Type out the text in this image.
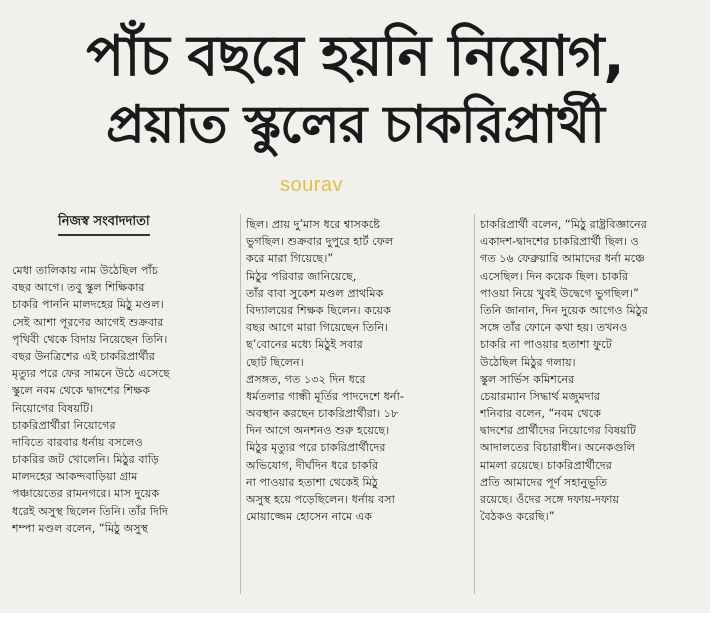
পাঁচ বছরে হয়নি নিয়োগ,
প্রয়াত স্কুলের চাকরিপ্রার্থী
sourav
নিজস্ব সংবাদদাতা
মেধা তালিকায় নাম উঠেছিল পাঁচ
বছর আগে। তবু স্কুল শিক্ষিকার
চাকরি পাননি মালদহের মিঠু মণ্ডল।
সেই আশা পূরণের আগেই শুক্রবার
পৃথিবী থেকে বিদায় নিয়েছেন তিনি।
বছর উনত্রিশের এই চাকরিপ্রার্থীর
মৃত্যুর পরে ফের সামনে উঠে এসেছে
স্কুলে নবম থেকে দ্বাদশের শিক্ষক
নিয়োগের বিষয়টি।
চাকরিপ্রার্থীরা নিয়োগের
দাবিতে বারবার ধর্নায় বসলেও
চাকরির জট খোলেনি। মিঠুর বাড়ি
মালদহের আকন্দবাড়িয়া গ্রাম
পঞ্চায়েতের রামনগরে। মাস দুয়েক
ধরেই অসুস্থ ছিলেন তিনি। তাঁর দিদি
শম্পা মণ্ডল বলেন, “মিঠু অসুস্থ
ছিল। প্রায় দু’মাস ধরে শ্বাসকষ্টে
ভুগছিল। শুক্রবার দুপুরে হার্ট ফেল
করে মারা গিয়েছে।”
মিঠুর পরিবার জানিয়েছে,
তাঁর বাবা সুকেশ মণ্ডল প্রাথমিক
বিদ্যালয়ের শিক্ষক ছিলেন। কয়েক
বছর আগে মারা গিয়েছেন তিনি।
ছ’বোনের মধ্যে মিঠুই সবার
ছোট ছিলেন।
প্রসঙ্গত, গত ১৩২ দিন ধরে
ধর্মতলার গান্ধী মূর্তির পাদদেশে ধর্না-
অবস্থান করছেন চাকরিপ্রার্থীরা। ১৮
দিন আগে অনশনও শুরু হয়েছে।
মিঠুর মৃত্যুর পরে চাকরিপ্রার্থীদের
অভিযোগ, দীর্ঘদিন ধরে চাকরি
না পাওয়ার হতাশা থেকেই মিঠু
অসুস্থ হয়ে পড়েছিলেন। ধর্নায় বসা
মোয়াজ্জেম হোসেন নামে এক
চাকরিপ্রার্থী বলেন, “মিঠু রাষ্ট্রবিজ্ঞানের
একাদশ-দ্বাদশের চাকরিপ্রার্থী ছিল। ও
গত ১৬ ফেব্রুয়ারি আমাদের ধর্না মঞ্চে
এসেছিল। দিন কয়েক ছিল। চাকরি
পাওয়া নিয়ে খুবই উদ্বেগে ভুগছিল।”
তিনি জানান, দিন দুয়েক আগেও মিঠুর
সঙ্গে তাঁর ফোনে কথা হয়। তখনও
চাকরি না পাওয়ার হতাশা ফুটে
উঠেছিল মিঠুর গলায়।
স্কুল সার্ভিস কমিশনের
চেয়ারম্যান সিদ্ধার্থ মজুমদার
শনিবার বলেন, “নবম থেকে
দ্বাদশের প্রার্থীদের নিয়োগের বিষয়টি
আদালতের বিচারাধীন। অনেকগুলি
মামলা রয়েছে। চাকরিপ্রার্থীদের
প্রতি আমাদের পূর্ণ সহানুভূতি
রয়েছে। ওঁদের সঙ্গে দফায়-দফায়
বৈঠকও করেছি।”
